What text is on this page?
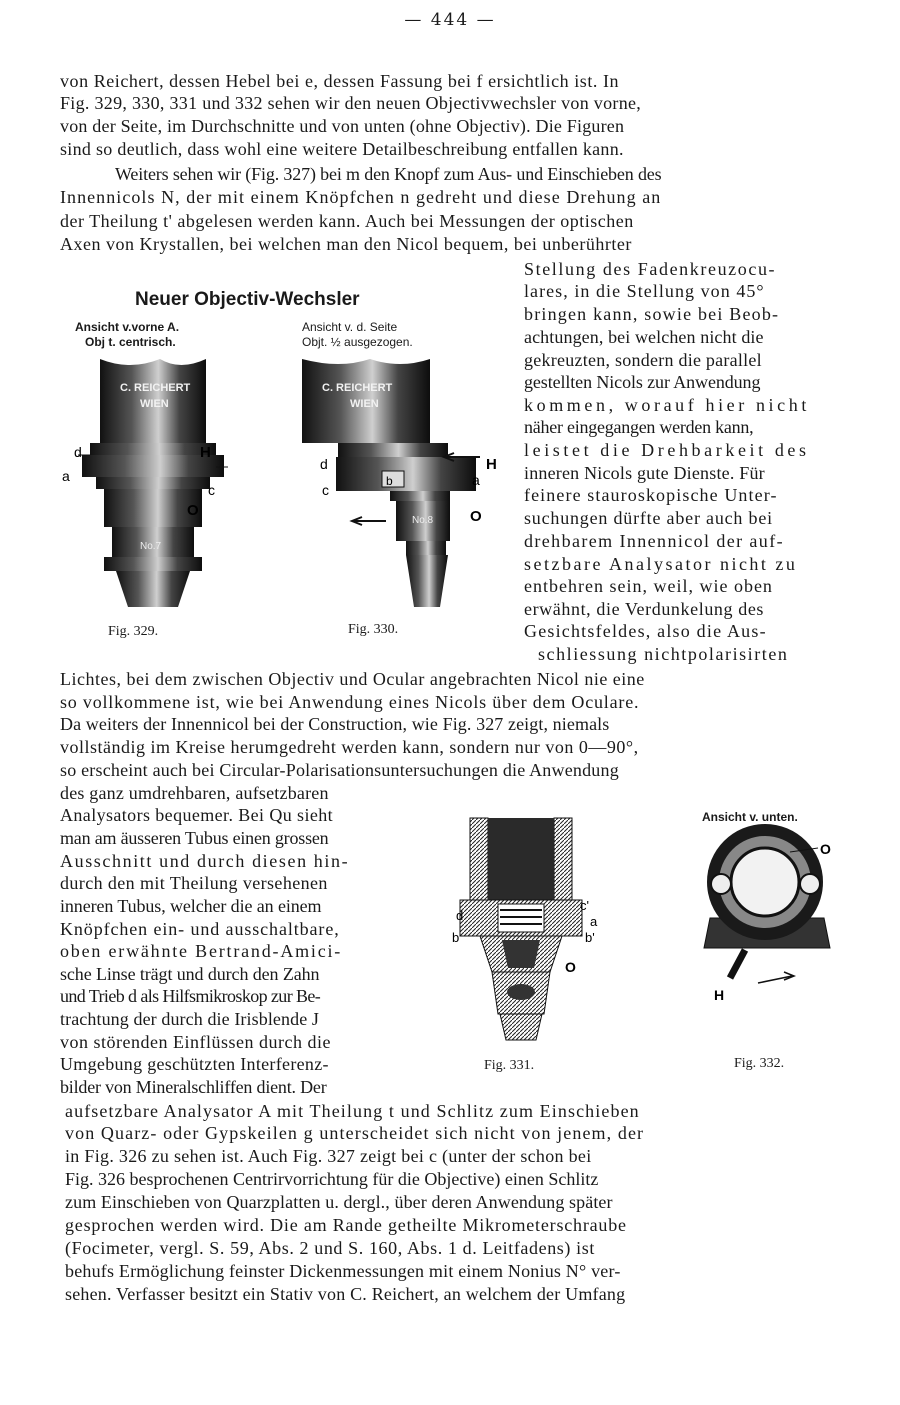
— 444 —
von Reichert, dessen Hebel bei e, dessen Fassung bei f ersichtlich ist. In
Fig. 329, 330, 331 und 332 sehen wir den neuen Objectivwechsler von vorne,
von der Seite, im Durchschnitte und von unten (ohne Objectiv). Die Figuren
sind so deutlich, dass wohl eine weitere Detailbeschreibung entfallen kann.
Weiters sehen wir (Fig. 327) bei m den Knopf zum Aus- und Einschieben des
Innennicols N, der mit einem Knöpfchen n gedreht und diese Drehung an
der Theilung t' abgelesen werden kann. Auch bei Messungen der optischen
Axen von Krystallen, bei welchen man den Nicol bequem, bei unberührter
Stellung des Fadenkreuzocu-
lares, in die Stellung von 45°
bringen kann, sowie bei Beob-
achtungen, bei welchen nicht die
gekreuzten, sondern die parallel
gestellten Nicols zur Anwendung
kommen, worauf hier nicht
näher eingegangen werden kann,
leistet die Drehbarkeit des
inneren Nicols gute Dienste. Für
feinere stauroskopische Unter-
suchungen dürfte aber auch bei
drehbarem Innennicol der auf-
setzbare Analysator nicht zu
entbehren sein, weil, wie oben
erwähnt, die Verdunkelung des
Gesichtsfeldes, also die Aus-
schliessung nichtpolarisirten
Neuer Objectiv-Wechsler
Ansicht v.vorne A.
Obj t. centrisch.
Ansicht v. d. Seite
Objt. ½ ausgezogen.
C. REICHERT
WIEN
No.7
d
a
H
c
O
C. REICHERT
WIEN
No.8
d
c
b
H
a
O
Fig. 329.	Fig. 330.
Lichtes, bei dem zwischen Objectiv und Ocular angebrachten Nicol nie eine
so vollkommene ist, wie bei Anwendung eines Nicols über dem Oculare.
Da weiters der Innennicol bei der Construction, wie Fig. 327 zeigt, niemals
vollständig im Kreise herumgedreht werden kann, sondern nur von 0—90°,
so erscheint auch bei Circular-Polarisationsuntersuchungen die Anwendung
des ganz umdrehbaren, aufsetzbaren
Analysators bequemer. Bei Qu sieht
man am äusseren Tubus einen grossen
Ausschnitt und durch diesen hin-
durch den mit Theilung versehenen
inneren Tubus, welcher die an einem
Knöpfchen ein- und ausschaltbare,
oben erwähnte Bertrand-Amici-
sche Linse trägt und durch den Zahn
und Trieb d als Hilfsmikroskop zur Be-
trachtung der durch die Irisblende J
von störenden Einflüssen durch die
Umgebung geschützten Interferenz-
bilder von Mineralschliffen dient. Der
d
b
c'
a
b'
O
O
H
Ansicht v. unten.
Fig. 331.	Fig. 332.
aufsetzbare Analysator A mit Theilung t und Schlitz zum Einschieben
von Quarz- oder Gypskeilen g unterscheidet sich nicht von jenem, der
in Fig. 326 zu sehen ist. Auch Fig. 327 zeigt bei c (unter der schon bei
Fig. 326 besprochenen Centrirvorrichtung für die Objective) einen Schlitz
zum Einschieben von Quarzplatten u. dergl., über deren Anwendung später
gesprochen werden wird. Die am Rande getheilte Mikrometerschraube
(Focimeter, vergl. S. 59, Abs. 2 und S. 160, Abs. 1 d. Leitfadens) ist
behufs Ermöglichung feinster Dickenmessungen mit einem Nonius N° ver-
sehen. Verfasser besitzt ein Stativ von C. Reichert, an welchem der Umfang
